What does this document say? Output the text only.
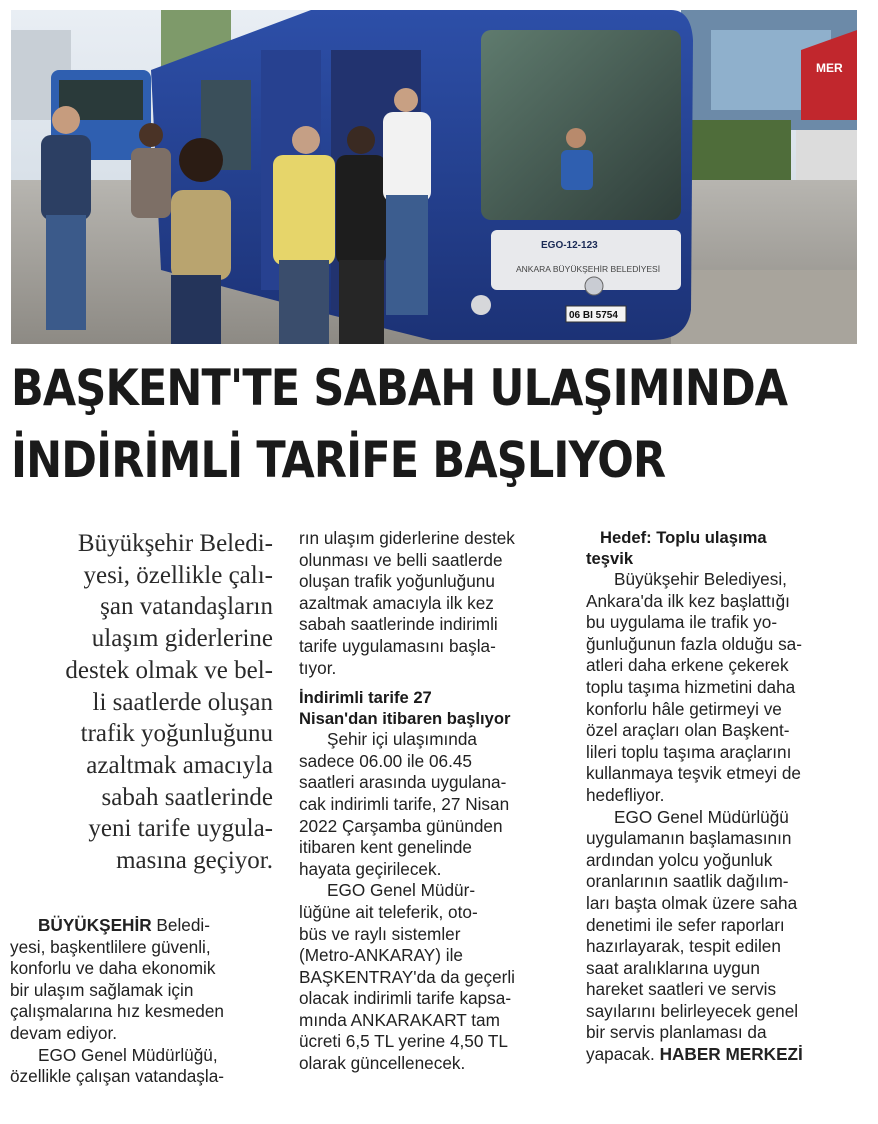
MER
EGO-12-123
ANKARA BÜYÜKŞEHİR BELEDİYESİ
06 BI 5754
BAŞKENT'TE SABAH ULAŞIMINDA
İNDİRİMLİ TARİFE BAŞLIYOR
Büyükşehir Beledi-
yesi, özellikle çalı-
şan vatandaşların
ulaşım giderlerine
destek olmak ve bel-
li saatlerde oluşan
trafik yoğunluğunu
azaltmak amacıyla
sabah saatlerinde
yeni tarife uygula-
masına geçiyor.
BÜYÜKŞEHİR Beledi-
yesi, başkentlilere güvenli,
konforlu ve daha ekonomik
bir ulaşım sağlamak için
çalışmalarına hız kesmeden
devam ediyor.
EGO Genel Müdürlüğü,
özellikle çalışan vatandaşla-
rın ulaşım giderlerine destek
olunması ve belli saatlerde
oluşan trafik yoğunluğunu
azaltmak amacıyla ilk kez
sabah saatlerinde indirimli
tarife uygulamasını başla-
tıyor.
İndirimli tarife 27
Nisan'dan itibaren başlıyor
Şehir içi ulaşımında
sadece 06.00 ile 06.45
saatleri arasında uygulana-
cak indirimli tarife, 27 Nisan
2022 Çarşamba gününden
itibaren kent genelinde
hayata geçirilecek.
EGO Genel Müdür-
lüğüne ait teleferik, oto-
büs ve raylı sistemler
(Metro-ANKARAY) ile
BAŞKENTRAY'da da geçerli
olacak indirimli tarife kapsa-
mında ANKARAKART tam
ücreti 6,5 TL yerine 4,50 TL
olarak güncellenecek.
Hedef: Toplu ulaşıma
teşvik
Büyükşehir Belediyesi,
Ankara'da ilk kez başlattığı
bu uygulama ile trafik yo-
ğunluğunun fazla olduğu sa-
atleri daha erkene çekerek
toplu taşıma hizmetini daha
konforlu hâle getirmeyi ve
özel araçları olan Başkent-
lileri toplu taşıma araçlarını
kullanmaya teşvik etmeyi de
hedefliyor.
EGO Genel Müdürlüğü
uygulamanın başlamasının
ardından yolcu yoğunluk
oranlarının saatlik dağılım-
ları başta olmak üzere saha
denetimi ile sefer raporları
hazırlayarak, tespit edilen
saat aralıklarına uygun
hareket saatleri ve servis
sayılarını belirleyecek genel
bir servis planlaması da
yapacak. HABER MERKEZİ
